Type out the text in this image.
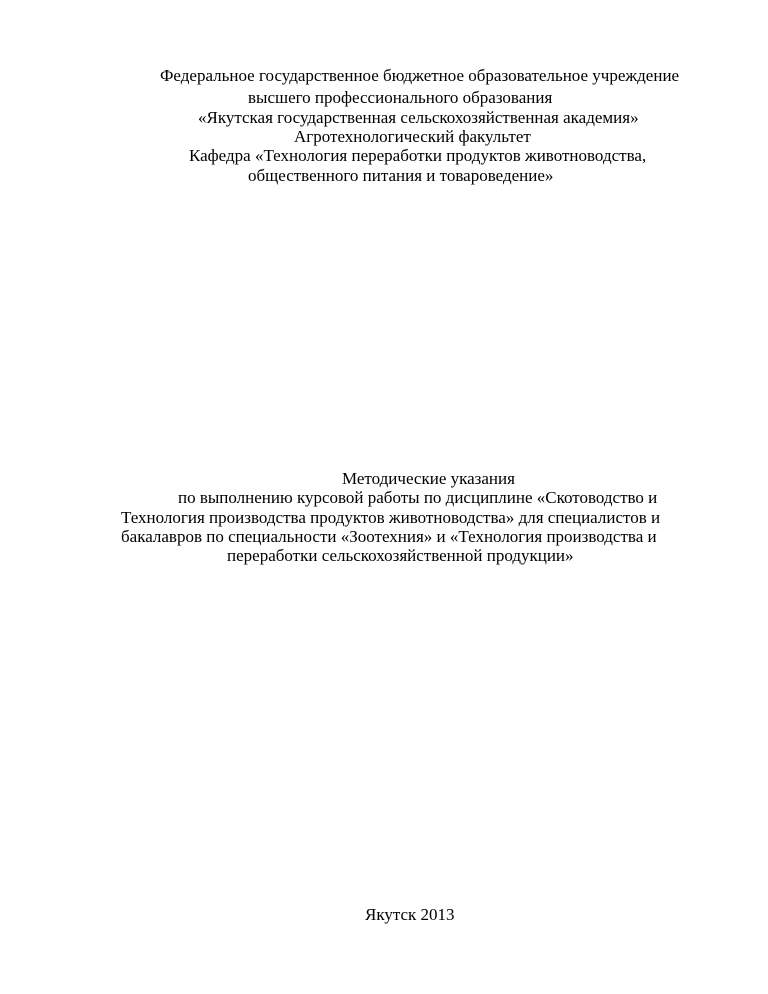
Федеральное государственное бюджетное образовательное учреждение
высшего профессионального образования
«Якутская государственная сельскохозяйственная академия»
Агротехнологический факультет
Кафедра «Технология переработки продуктов животноводства,
общественного питания и товароведение»
Методические указания
по выполнению курсовой работы по дисциплине «Скотоводство и
Технология производства продуктов животноводства» для специалистов и
бакалавров по специальности «Зоотехния» и «Технология производства и
переработки сельскохозяйственной продукции»
Якутск 2013
